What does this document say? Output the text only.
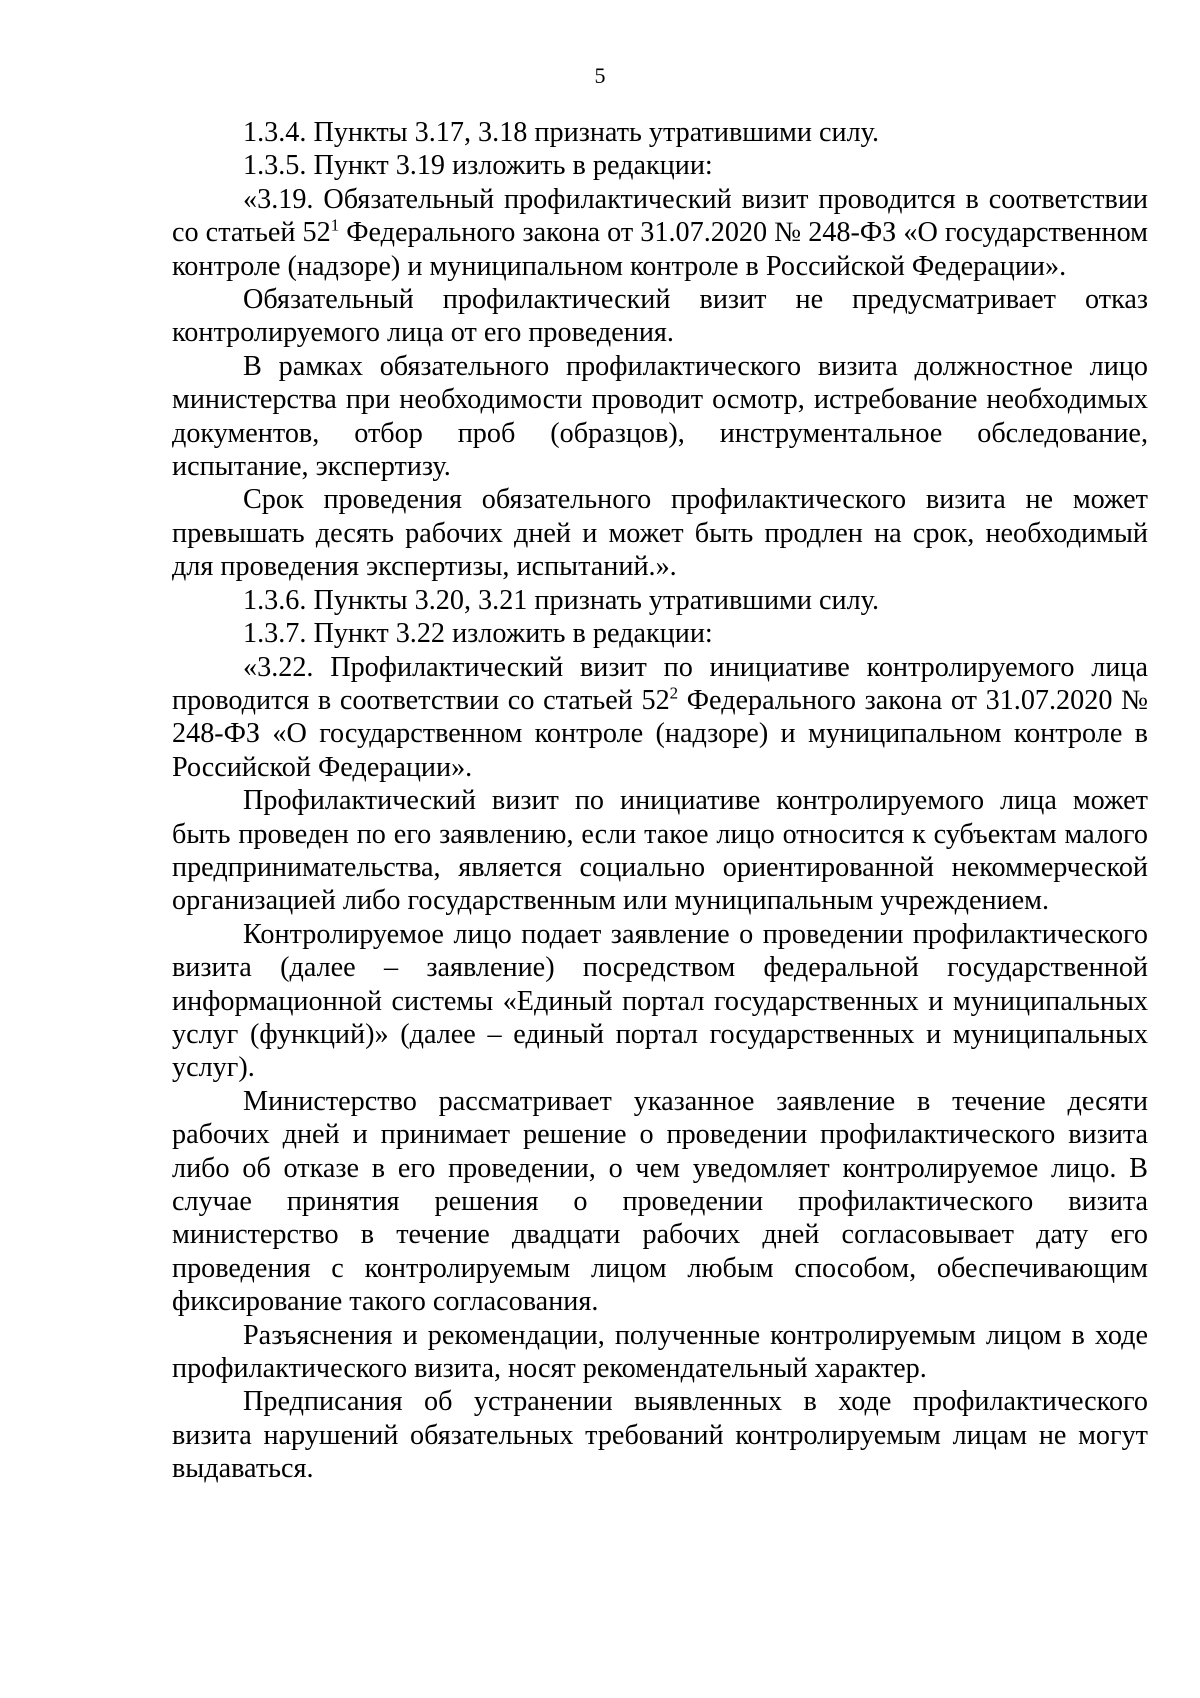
5

1.3.4. Пункты 3.17, 3.18 признать утратившими силу.

1.3.5. Пункт 3.19 изложить в редакции:

«3.19. Обязательный профилактический визит проводится в соответствии со статьей $52^1$ Федерального закона от 31.07.2020 № 248-ФЗ «О государственном контроле (надзоре) и муниципальном контроле в Российской Федерации».

Обязательный профилактический визит не предусматривает отказ контролируемого лица от его проведения.

В рамках обязательного профилактического визита должностное лицо министерства при необходимости проводит осмотр, истребование необходимых документов, отбор проб (образцов), инструментальное обследование, испытание, экспертизу.

Срок проведения обязательного профилактического визита не может превышать десять рабочих дней и может быть продлен на срок, необходимый для проведения экспертизы, испытаний.».

1.3.6. Пункты 3.20, 3.21 признать утратившими силу.

1.3.7. Пункт 3.22 изложить в редакции:

«3.22. Профилактический визит по инициативе контролируемого лица проводится в соответствии со статьей $52^2$ Федерального закона от 31.07.2020 № 248-ФЗ «О государственном контроле (надзоре) и муниципальном контроле в Российской Федерации».

Профилактический визит по инициативе контролируемого лица может быть проведен по его заявлению, если такое лицо относится к субъектам малого предпринимательства, является социально ориентированной некоммерческой организацией либо государственным или муниципальным учреждением.

Контролируемое лицо подает заявление о проведении профилактического визита (далее – заявление) посредством федеральной государственной информационной системы «Единый портал государственных и муниципальных услуг (функций)» (далее – единый портал государственных и муниципальных услуг).

Министерство рассматривает указанное заявление в течение десяти рабочих дней и принимает решение о проведении профилактического визита либо об отказе в его проведении, о чем уведомляет контролируемое лицо. В случае принятия решения о проведении профилактического визита министерство в течение двадцати рабочих дней согласовывает дату его проведения с контролируемым лицом любым способом, обеспечивающим фиксирование такого согласования.

Разъяснения и рекомендации, полученные контролируемым лицом в ходе профилактического визита, носят рекомендательный характер.

Предписания об устранении выявленных в ходе профилактического визита нарушений обязательных требований контролируемым лицам не могут выдаваться.
